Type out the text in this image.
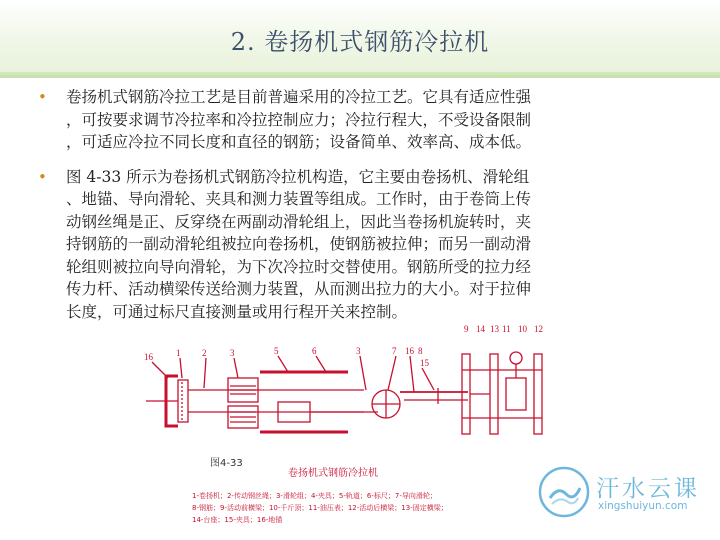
2. 卷扬机式钢筋冷拉机
• 卷扬机式钢筋冷拉工艺是目前普遍采用的冷拉工艺。它具有适应性强
，可按要求调节冷拉率和冷拉控制应力；冷拉行程大，不受设备限制
，可适应冷拉不同长度和直径的钢筋；设备简单、效率高、成本低。
• 图 4-33 所示为卷扬机式钢筋冷拉机构造，它主要由卷扬机、滑轮组
、地锚、导向滑轮、夹具和测力装置等组成。工作时，由于卷筒上传
动钢丝绳是正、反穿绕在两副动滑轮组上，因此当卷扬机旋转时，夹
持钢筋的一副动滑轮组被拉向卷扬机，使钢筋被拉伸；而另一副动滑
轮组则被拉向导向滑轮，为下次冷拉时交替使用。钢筋所受的拉力经
传力杆、活动横梁传送给测力装置，从而测出拉力的大小。对于拉伸
长度，可通过标尺直接测量或用行程开关来控制。
16	1 2	3	5	6	3	7 16 8
15
9 14 13 11 10 12
图4-33
卷扬机式钢筋冷拉机
1-卷扬机；2-传动钢丝绳；3-滑轮组；4-夹具；5-轨道；6-标尺；7-导向滑轮；
8-钢筋；9-活动前横梁；10-千斤顶；11-油压表；12-活动后横梁；13-固定横梁；
14-台座；15-夹具；16-地锚
汗水云课
xingshuiyun.com
